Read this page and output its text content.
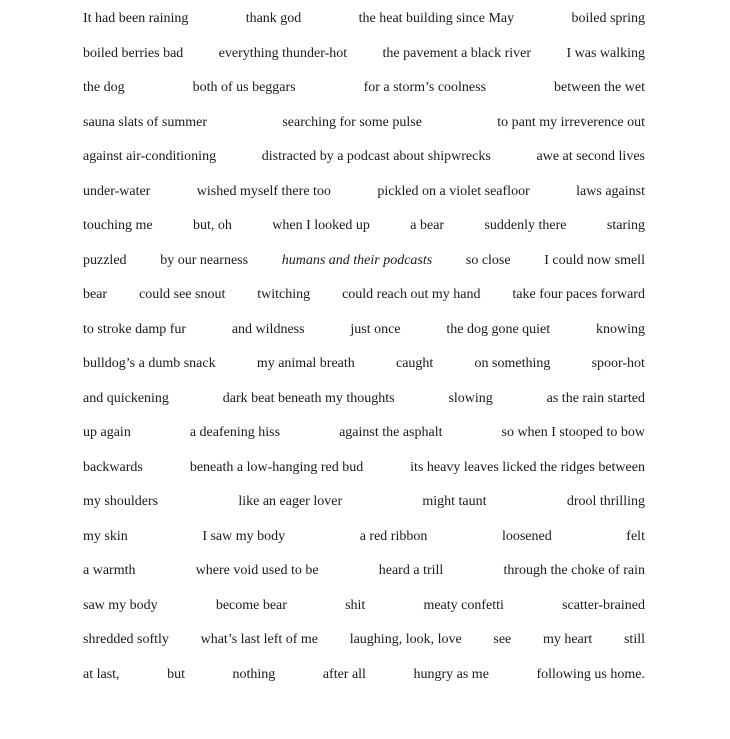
It had been raining	thank god	the heat building since May	boiled spring
boiled berries bad	everything thunder-hot	the pavement a black river	I was walking
the dog	both of us beggars	for a storm’s coolness	between the wet
sauna slats of summer	searching for some pulse	to pant my irreverence out
against air-conditioning	distracted by a podcast about shipwrecks	awe at second lives
under-water	wished myself there too	pickled on a violet seafloor	laws against
touching me	but, oh	when I looked up	a bear	suddenly there	staring
puzzled by our nearness humans and their podcasts so close I could now smell
bear could see snout twitching could reach out my hand take four paces forward
to stroke damp fur	and wildness	just once	the dog gone quiet	knowing
bulldog’s a dumb snack	my animal breath	caught	on something	spoor-hot
and quickening	dark beat beneath my thoughts	slowing	as the rain started
up again	a deafening hiss	against the asphalt	so when I stooped to bow
backwards	beneath a low-hanging red bud	its heavy leaves licked the ridges between
my shoulders	like an eager lover	might taunt	drool thrilling
my skin	I saw my body	a red ribbon	loosened	felt
a warmth	where void used to be	heard a trill	through the choke of rain
saw my body	become bear	shit	meaty confetti	scatter-brained
shredded softly what’s last left of me laughing, look, love see my heart still
at last,	but	nothing	after all	hungry as me	following us home.
